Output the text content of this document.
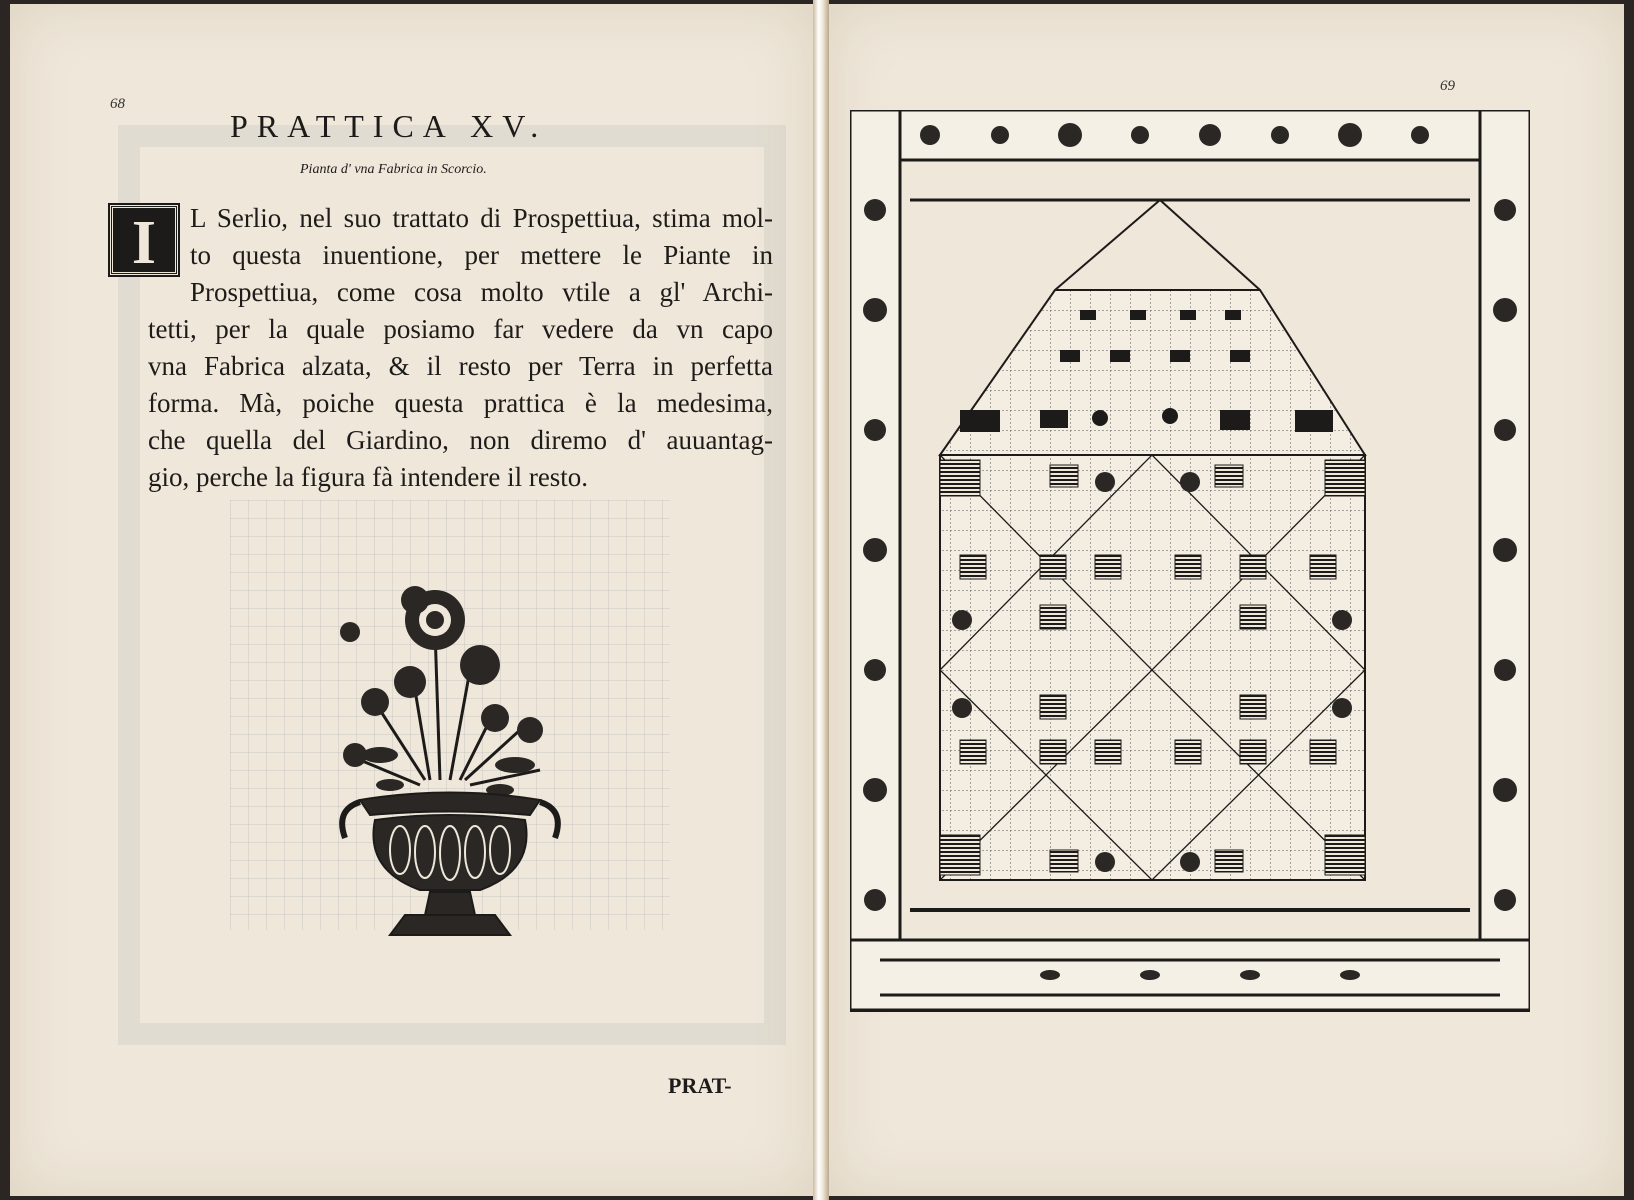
68
PRATTICA XV.
Pianta d' vna Fabrica in Scorcio.
I	L Serlio, nel suo trattato di Prospettiua, stima mol-
to questa inuentione, per mettere le Piante in
Prospettiua, come cosa molto vtile a gl' Archi-
tetti, per la quale posiamo far vedere da vn capo
vna Fabrica alzata, & il resto per Terra in perfetta
forma. Mà, poiche questa prattica è la medesima,
che quella del Giardino, non diremo d' auuantag-
gio, perche la figura fà intendere il resto.
PRAT-
69
